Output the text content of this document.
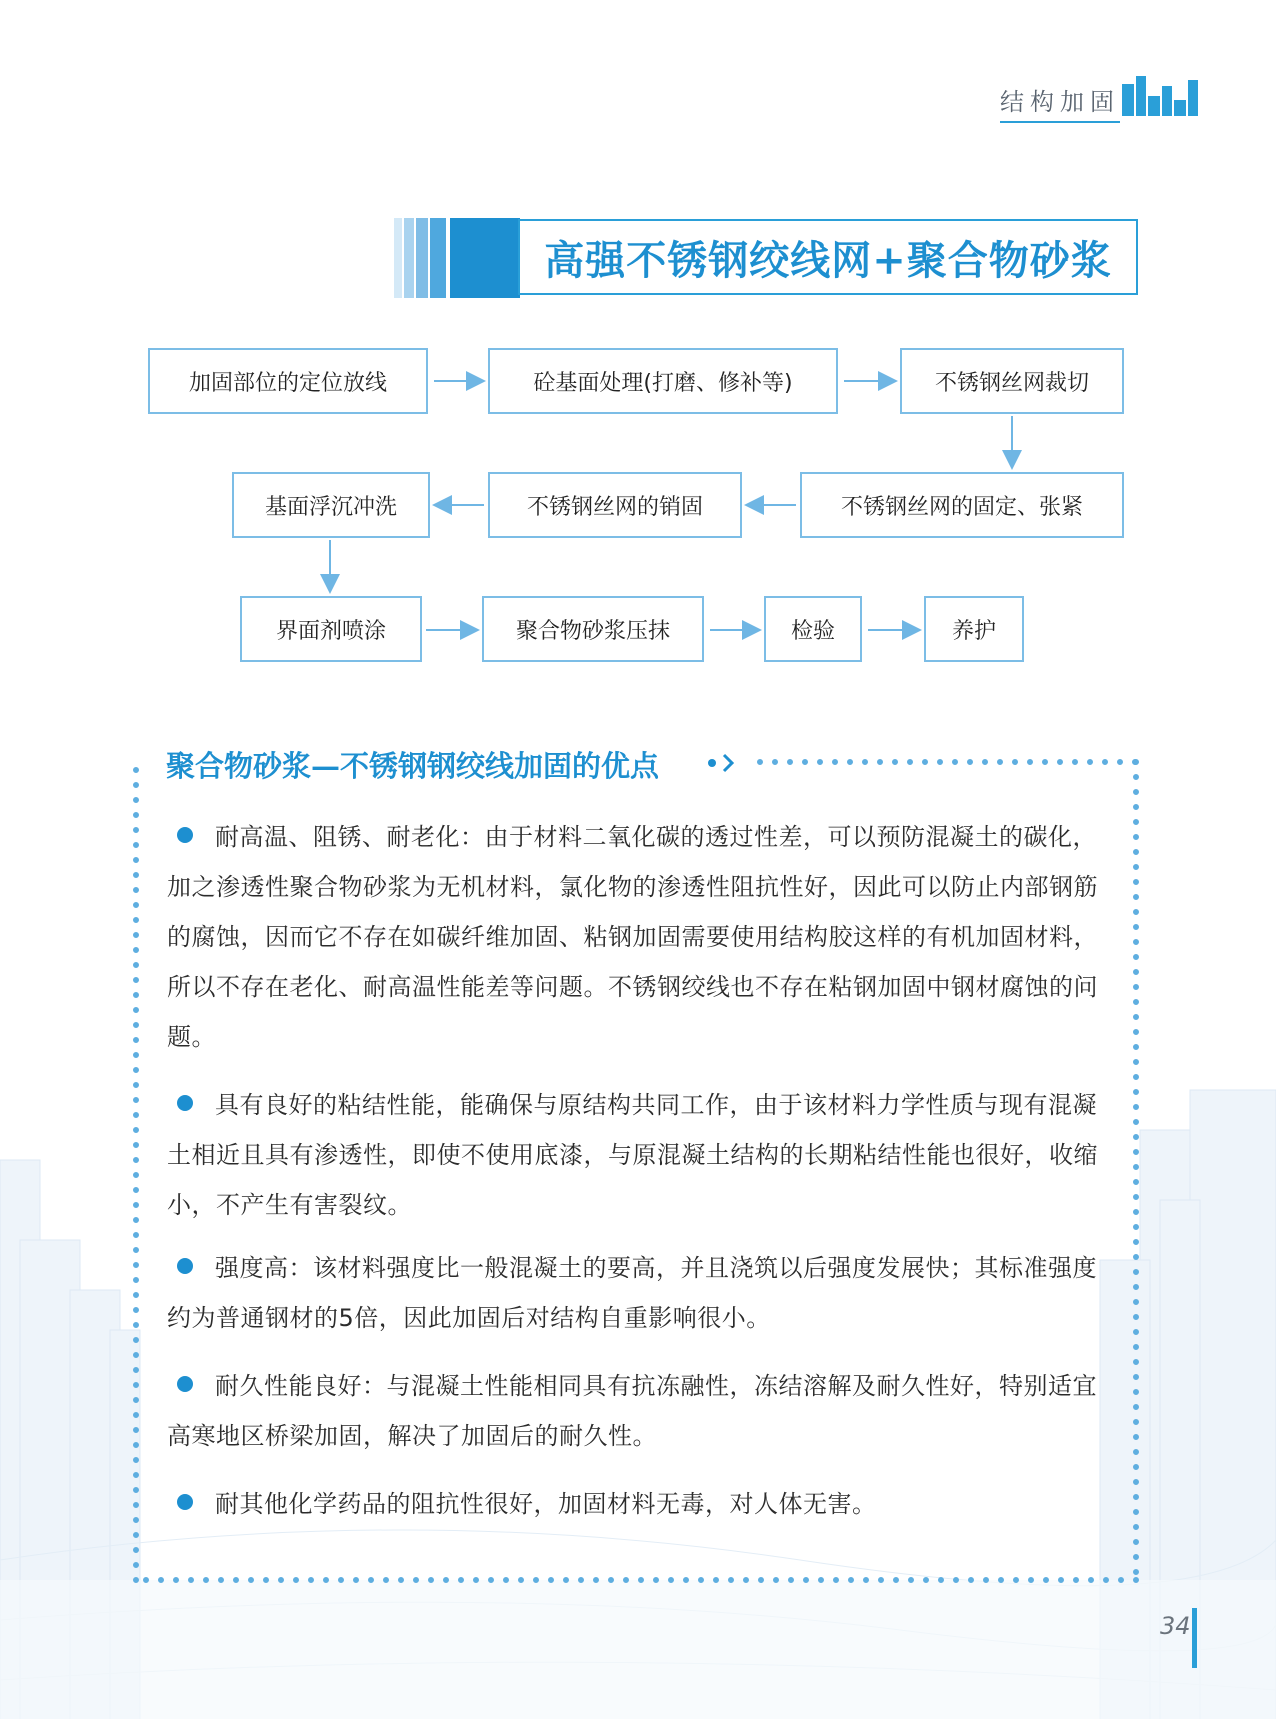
结构加固
高强不锈钢绞线网+聚合物砂浆
加固部位的定位放线	砼基面处理(打磨、修补等)	不锈钢丝网裁切
不锈钢丝网的固定、张紧
不锈钢丝网的销固
基面浮沉冲洗
界面剂喷涂	聚合物砂浆压抹	检验	养护
聚合物砂浆—不锈钢钢绞线加固的优点
耐高温、阻锈、耐老化：由于材料二氧化碳的透过性差，可以预防混凝土的碳化，加之渗透性聚合物砂浆为无机材料，氯化物的渗透性阻抗性好，因此可以防止内部钢筋的腐蚀，因而它不存在如碳纤维加固、粘钢加固需要使用结构胶这样的有机加固材料，所以不存在老化、耐高温性能差等问题。不锈钢绞线也不存在粘钢加固中钢材腐蚀的问题。
具有良好的粘结性能，能确保与原结构共同工作，由于该材料力学性质与现有混凝土相近且具有渗透性，即使不使用底漆，与原混凝土结构的长期粘结性能也很好，收缩小，不产生有害裂纹。
强度高：该材料强度比一般混凝土的要高，并且浇筑以后强度发展快；其标准强度约为普通钢材的5倍，因此加固后对结构自重影响很小。
耐久性能良好：与混凝土性能相同具有抗冻融性，冻结溶解及耐久性好，特别适宜高寒地区桥梁加固，解决了加固后的耐久性。
耐其他化学药品的阻抗性很好，加固材料无毒，对人体无害。
34
